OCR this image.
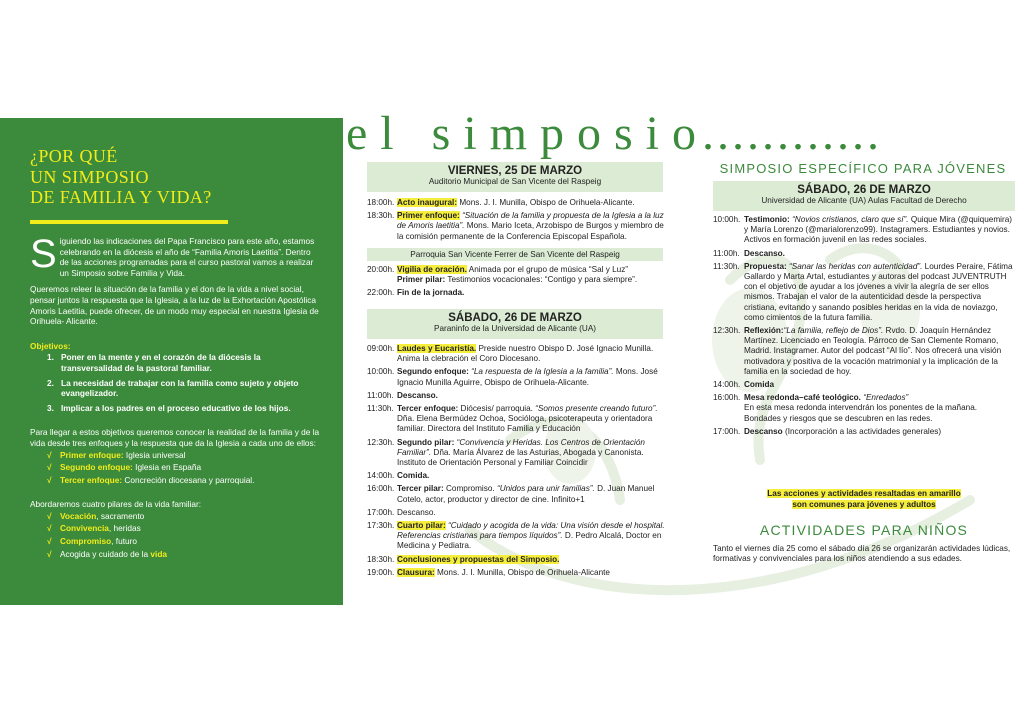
¿POR QUÉ
UN SIMPOSIO
DE FAMILIA Y VIDA?

Siguiendo las indicaciones del Papa Francisco para este año, estamos celebrando en la diócesis el año de “Familia Amoris Laetitia”. Dentro de las acciones programadas para el curso pastoral vamos a realizar un Simposio sobre Familia y Vida.

Queremos releer la situación de la familia y el don de la vida a nivel social, pensar juntos la respuesta que la Iglesia, a la luz de la Exhortación Apostólica Amoris Laetitia, puede ofrecer, de un modo muy especial en nuestra Iglesia de Orihuela- Alicante.

Objetivos:
1. Poner en la mente y en el corazón de la diócesis la transversalidad de la pastoral familiar.
2. La necesidad de trabajar con la familia como sujeto y objeto evangelizador.
3. Implicar a los padres en el proceso educativo de los hijos.

Para llegar a estos objetivos queremos conocer la realidad de la familia y de la vida desde tres enfoques y la respuesta que da la Iglesia a cada uno de ellos:

√ Primer enfoque: Iglesia universal
√ Segundo enfoque: Iglesia en España
√ Tercer enfoque: Concreción diocesana y parroquial.

Abordaremos cuatro pilares de la vida familiar:

√ Vocación, sacramento
√ Convivencia, heridas
√ Compromiso, futuro
√ Acogida y cuidado de la vida
el simposio
............
VIERNES, 25 DE MARZO
Auditorio Municipal de San Vicente del Raspeig
18:00h. Acto inaugural: Mons. J. I. Munilla, Obispo de Orihuela-Alicante.
18:30h. Primer enfoque: “Situación de la familia y propuesta de la Iglesia a la luz de Amoris laetitia”. Mons. Mario Iceta, Arzobispo de Burgos y miembro de la comisión permanente de la Conferencia Episcopal Española.
Parroquia San Vicente Ferrer de San Vicente del Raspeig
20:00h. Vigilia de oración. Animada por el grupo de música “Sal y Luz”
Primer pilar: Testimonios vocacionales: “Contigo y para siempre”.
22:00h. Fin de la jornada.
SÁBADO, 26 DE MARZO
Paraninfo de la Universidad de Alicante (UA)
09:00h. Laudes y Eucaristía. Preside nuestro Obispo D. José Ignacio Munilla. Anima la clebración el Coro Diocesano.
10:00h. Segundo enfoque: “La respuesta de la Iglesia a la familia”. Mons. José Ignacio Munilla Aguirre, Obispo de Orihuela-Alicante.
11:00h. Descanso.
11:30h. Tercer enfoque: Diócesis/ parroquia. “Somos presente creando futuro”. Dña. Elena Bermúdez Ochoa, Socióloga, psicoterapeuta y orientadora familiar. Directora del Instituto Familia y Educación
12:30h. Segundo pilar: “Convivencia y Heridas. Los Centros de Orientación Familiar”. Dña. María Álvarez de las Asturias, Abogada y Canonista. Instituto de Orientación Personal y Familiar Coincidir
14:00h. Comida.
16:00h. Tercer pilar: Compromiso. “Unidos para unir familias”. D. Juan Manuel Cotelo, actor, productor y director de cine. Infinito+1
17:00h. Descanso.
17:30h. Cuarto pilar: “Cuidado y acogida de la vida: Una visión desde el hospital. Referencias cristianas para tiempos líquidos”. D. Pedro Alcalá, Doctor en Medicina y Pediatra.
18:30h. Conclusiones y propuestas del Simposio.
19:00h. Clausura: Mons. J. I. Munilla, Obispo de Orihuela-Alicante
SIMPOSIO ESPECÍFICO PARA JÓVENES
SÁBADO, 26 DE MARZO
Universidad de Alicante (UA) Aulas Facultad de Derecho
10:00h. Testimonio: “Novios cristianos, claro que sí”. Quique Mira (@quiquemira) y María Lorenzo (@marialorenzo99). Instagramers. Estudiantes y novios. Activos en formación juvenil en las redes sociales.
11:00h. Descanso.
11:30h. Propuesta: “Sanar las heridas con autenticidad”. Lourdes Peraire, Fátima Gallardo y Marta Artal, estudiantes y autoras del podcast JUVENTRUTH con el objetivo de ayudar a los jóvenes a vivir la alegría de ser ellos mismos. Trabajan el valor de la autenticidad desde la perspectiva cristiana, evitando y sanando posibles heridas en la vida de noviazgo, como cimientos de la futura familia.
12:30h. Reflexión:“La familia, reflejo de Dios”. Rvdo. D. Joaquín Hernández Martínez. Licenciado en Teología. Párroco de San Clemente Romano, Madrid. Instagramer. Autor del podcast “Al lío”. Nos ofrecerá una visión motivadora y positiva de la vocación matrimonial y la implicación de la familia en la sociedad de hoy.
14:00h. Comida
16:00h. Mesa redonda–café teológico. “Enredados”
En esta mesa redonda intervendrán los ponentes de la mañana. Bondades y riesgos que se descubren en las redes.
17:00h. Descanso (Incorporación a las actividades generales)
Las acciones y actividades resaltadas en amarillo
son comunes para jóvenes y adultos
ACTIVIDADES PARA NIÑOS
Tanto el viernes día 25 como el sábado día 26 se organizarán actividades lúdicas, formativas y convivenciales para los niños atendiendo a sus edades.
